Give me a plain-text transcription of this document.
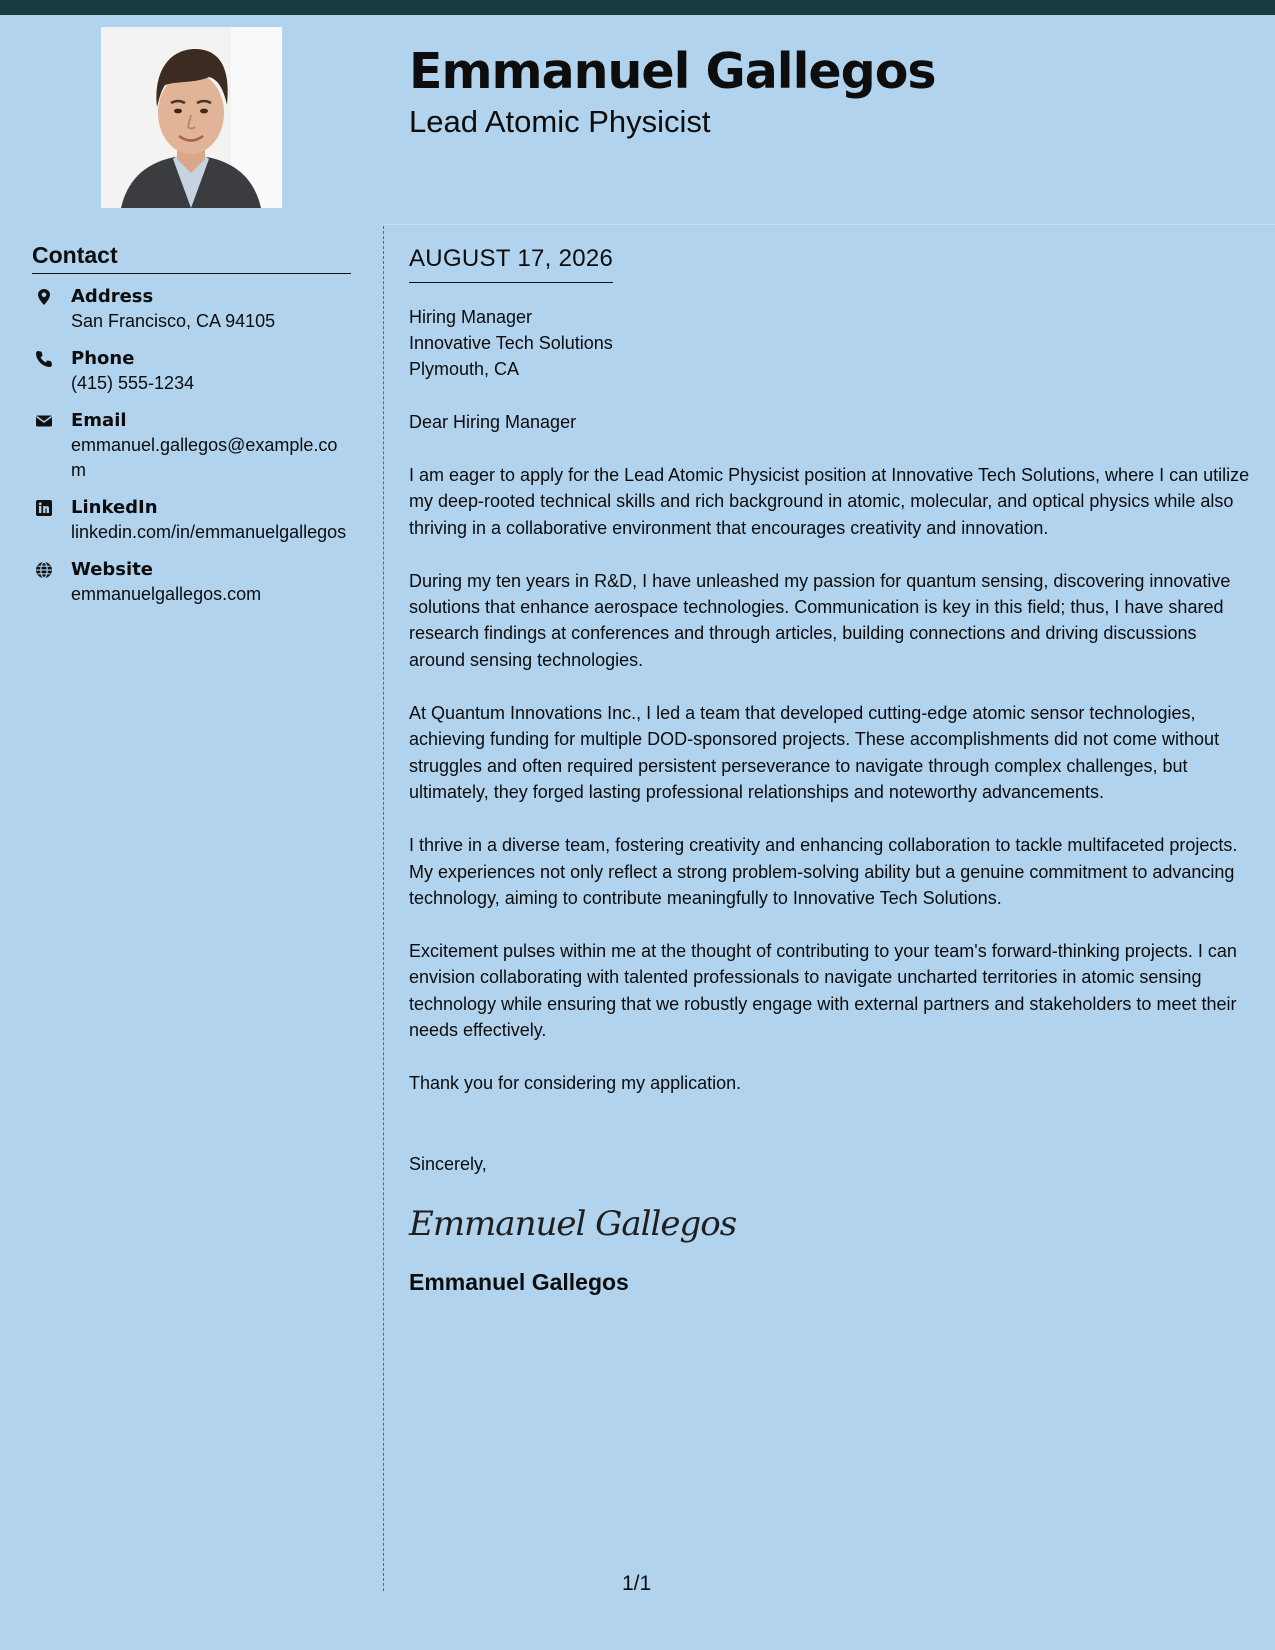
Emmanuel Gallegos
Lead Atomic Physicist
Contact
Address
San Francisco, CA 94105
Phone
(415) 555-1234
Email
emmanuel.gallegos@example.com
LinkedIn
linkedin.com/in/emmanuelgallegos
Website
emmanuelgallegos.com
AUGUST 17, 2026
Hiring Manager
Innovative Tech Solutions
Plymouth, CA
Dear Hiring Manager

I am eager to apply for the Lead Atomic Physicist position at Innovative Tech Solutions, where I can utilize my deep-rooted technical skills and rich background in atomic, molecular, and optical physics while also thriving in a collaborative environment that encourages creativity and innovation.

During my ten years in R&D, I have unleashed my passion for quantum sensing, discovering innovative solutions that enhance aerospace technologies. Communication is key in this field; thus, I have shared research findings at conferences and through articles, building connections and driving discussions around sensing technologies.

At Quantum Innovations Inc., I led a team that developed cutting-edge atomic sensor technologies, achieving funding for multiple DOD-sponsored projects. These accomplishments did not come without struggles and often required persistent perseverance to navigate through complex challenges, but ultimately, they forged lasting professional relationships and noteworthy advancements.

I thrive in a diverse team, fostering creativity and enhancing collaboration to tackle multifaceted projects. My experiences not only reflect a strong problem-solving ability but a genuine commitment to advancing technology, aiming to contribute meaningfully to Innovative Tech Solutions.

Excitement pulses within me at the thought of contributing to your team's forward-thinking projects. I can envision collaborating with talented professionals to navigate uncharted territories in atomic sensing technology while ensuring that we robustly engage with external partners and stakeholders to meet their needs effectively.

Thank you for considering my application.

Sincerely,
Emmanuel Gallegos
Emmanuel Gallegos
1/1
